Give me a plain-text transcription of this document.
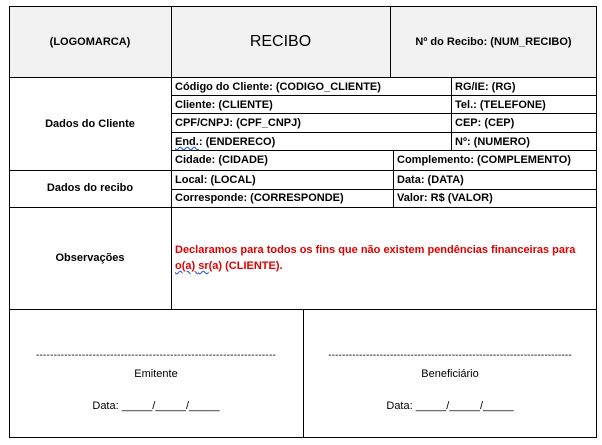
(LOGOMARCA)	RECIBO	Nº do Recibo: (NUM_RECIBO)
Dados do Cliente
Código do Cliente: (CODIGO_CLIENTE)	RG/IE: (RG)
Cliente: (CLIENTE)	Tel.: (TELEFONE)
CPF/CNPJ: (CPF_CNPJ)	CEP: (CEP)
End.: (ENDERECO)	Nº: (NUMERO)
Cidade: (CIDADE)	Complemento: (COMPLEMENTO)
Dados do recibo
Local: (LOCAL)	Data: (DATA)
Corresponde: (CORRESPONDE)	Valor: R$ (VALOR)
Observações
Declaramos para todos os fins que não existem pendências financeiras para
o(a) sr(a) (CLIENTE).
--------------------------------------------------------------------
Emitente
Data: _____/_____/_____
-----------------------------------------------------------------------
Beneficiário
Data: _____/_____/_____
